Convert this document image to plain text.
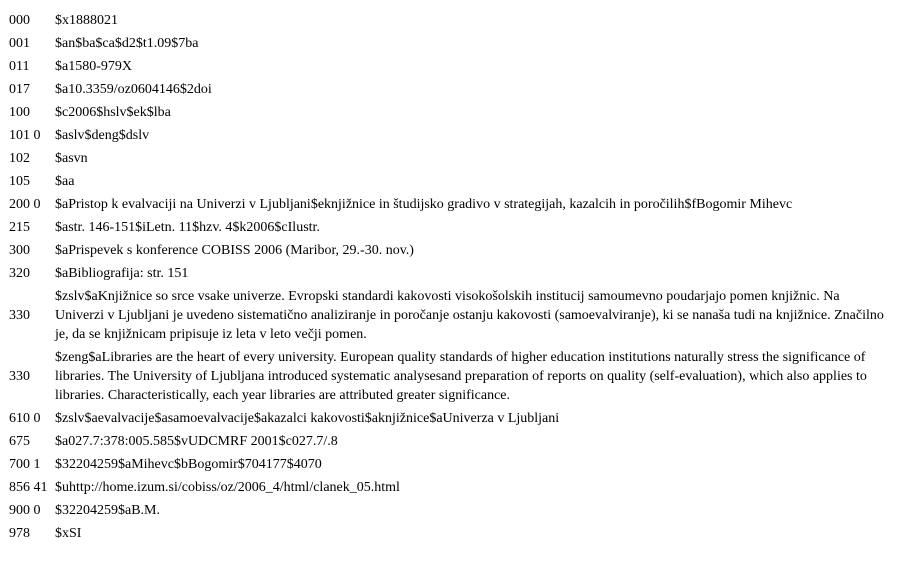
000	$x1888021
001	$an$ba$ca$d2$t1.09$7ba
011	$a1580-979X
017	$a10.3359/oz0604146$2doi
100	$c2006$hslv$ek$lba
101 0	$aslv$deng$dslv
102	$asvn
105	$aa
200 0	$aPristop k evalvaciji na Univerzi v Ljubljani$eknjižnice in študijsko gradivo v strategijah, kazalcih in poročilih$fBogomir Mihevc
215	$astr. 146-151$iLetn. 11$hzv. 4$k2006$cIlustr.
300	$aPrispevek s konference COBISS 2006 (Maribor, 29.-30. nov.)
320	$aBibliografija: str. 151
330	$zslv$aKnjižnice so srce vsake univerze. Evropski standardi kakovosti visokošolskih institucij samoumevno poudarjajo pomen knjižnic. Na Univerzi v Ljubljani je uvedeno sistematično analiziranje in poročanje ostanju kakovosti (samoevalviranje), ki se nanaša tudi na knjižnice. Značilno je, da se knjižnicam pripisuje iz leta v leto večji pomen.
330	$zeng$aLibraries are the heart of every university. European quality standards of higher education institutions naturally stress the significance of libraries. The University of Ljubljana introduced systematic analysesand preparation of reports on quality (self-evaluation), which also applies to libraries. Characteristically, each year libraries are attributed greater significance.
610 0	$zslv$aevalvacije$asamoevalvacije$akazalci kakovosti$aknjižnice$aUniverza v Ljubljani
675	$a027.7:378:005.585$vUDCMRF 2001$c027.7/.8
700 1	$32204259$aMihevc$bBogomir$704177$4070
856 41	$uhttp://home.izum.si/cobiss/oz/2006_4/html/clanek_05.html
900 0	$32204259$aB.M.
978	$xSI
